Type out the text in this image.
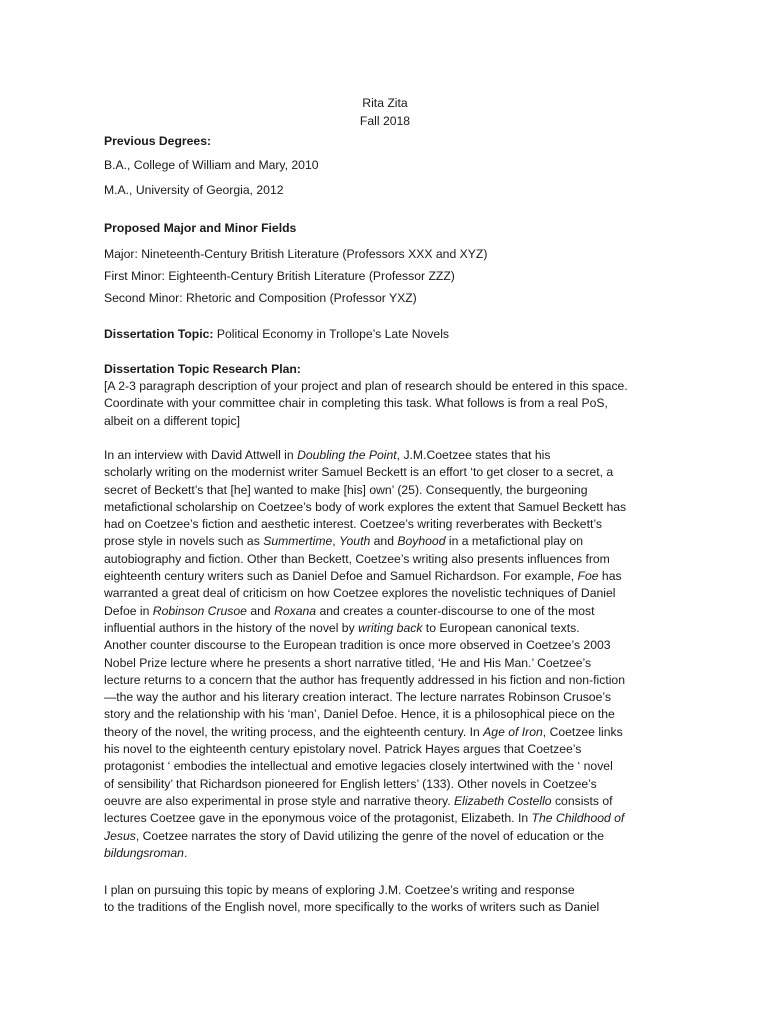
Rita Zita
Fall 2018
Previous Degrees:
B.A., College of William and Mary, 2010
M.A., University of Georgia, 2012
Proposed Major and Minor Fields
Major: Nineteenth-Century British Literature (Professors XXX and XYZ)
First Minor: Eighteenth-Century British Literature (Professor ZZZ)
Second Minor: Rhetoric and Composition (Professor YXZ)
Dissertation Topic: Political Economy in Trollope’s Late Novels
Dissertation Topic Research Plan:
[A 2-3 paragraph description of your project and plan of research should be entered in this space.
Coordinate with your committee chair in completing this task. What follows is from a real PoS,
albeit on a different topic]
In an interview with David Attwell in Doubling the Point, J.M.Coetzee states that his
scholarly writing on the modernist writer Samuel Beckett is an effort ‘to get closer to a secret, a
secret of Beckett’s that [he] wanted to make [his] own’ (25). Consequently, the burgeoning
metafictional scholarship on Coetzee’s body of work explores the extent that Samuel Beckett has
had on Coetzee’s fiction and aesthetic interest. Coetzee’s writing reverberates with Beckett’s
prose style in novels such as Summertime, Youth and Boyhood in a metafictional play on
autobiography and fiction. Other than Beckett, Coetzee’s writing also presents influences from
eighteenth century writers such as Daniel Defoe and Samuel Richardson. For example, Foe has
warranted a great deal of criticism on how Coetzee explores the novelistic techniques of Daniel
Defoe in Robinson Crusoe and Roxana and creates a counter-discourse to one of the most
influential authors in the history of the novel by writing back to European canonical texts.
Another counter discourse to the European tradition is once more observed in Coetzee’s 2003
Nobel Prize lecture where he presents a short narrative titled, ‘He and His Man.’ Coetzee’s
lecture returns to a concern that the author has frequently addressed in his fiction and non-fiction
—the way the author and his literary creation interact. The lecture narrates Robinson Crusoe’s
story and the relationship with his ‘man’, Daniel Defoe. Hence, it is a philosophical piece on the
theory of the novel, the writing process, and the eighteenth century. In Age of Iron, Coetzee links
his novel to the eighteenth century epistolary novel. Patrick Hayes argues that Coetzee’s
protagonist ‘ embodies the intellectual and emotive legacies closely intertwined with the ‘ novel
of sensibility’ that Richardson pioneered for English letters’ (133). Other novels in Coetzee’s
oeuvre are also experimental in prose style and narrative theory. Elizabeth Costello consists of
lectures Coetzee gave in the eponymous voice of the protagonist, Elizabeth. In The Childhood of
Jesus, Coetzee narrates the story of David utilizing the genre of the novel of education or the
bildungsroman.
I plan on pursuing this topic by means of exploring J.M. Coetzee’s writing and response
to the traditions of the English novel, more specifically to the works of writers such as Daniel
